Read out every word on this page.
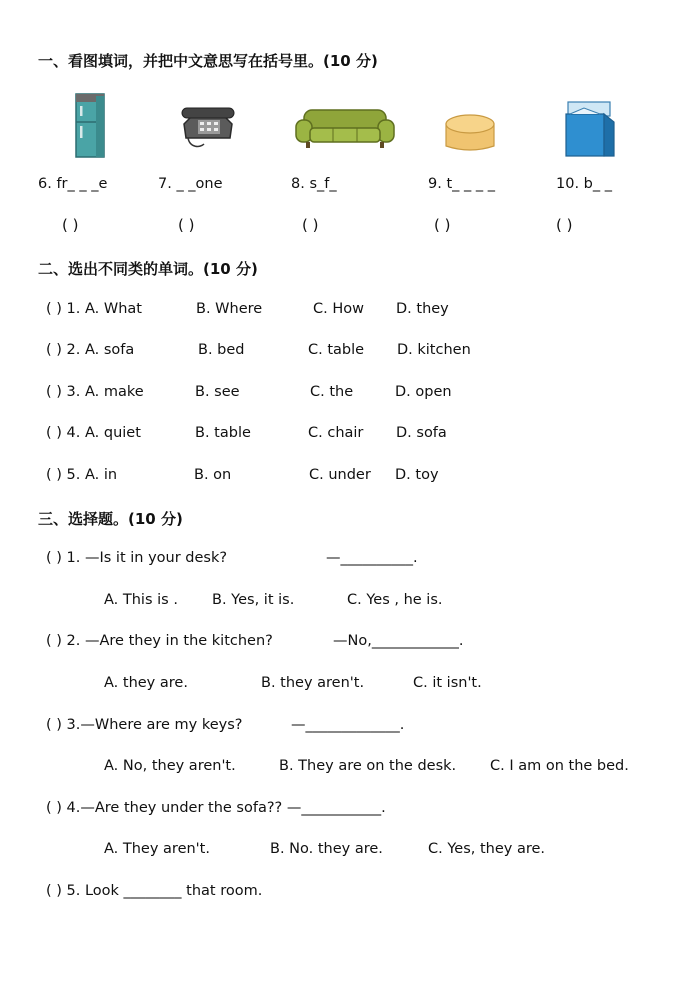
一、看图填词，并把中文意思写在括号里。(10 分)
6. fr_ _ _e	7. _ _one	8. s_f_	9. t_ _ _ _	10. b_ _
( )	( )	( )	( )	( )
二、选出不同类的单词。(10 分)
( ) 1. A. What	B. Where	C. How D. they
( ) 2. A. sofa	B. bed	C. table D. kitchen
( ) 3. A. make	B. see	C. the	D. open
( ) 4. A. quiet	B. table	C. chair D. sofa
( ) 5. A. in	B. on	C. under D. toy
三、选择题。(10 分)
( ) 1. —Is it in your desk?	—__________.
A. This is . B. Yes, it is.	C. Yes , he is.
( ) 2. —Are they in the kitchen?	—No,____________.
A. they are.	B. they aren't.	C. it isn't.
( ) 3.—Where are my keys?	—_____________.
A. No, they aren't.	B. They are on the desk. C. I am on the bed.
( ) 4.—Are they under the sofa?? —___________.
A. They aren't.	B. No. they are.	C. Yes, they are.
( ) 5. Look ________ that room.
